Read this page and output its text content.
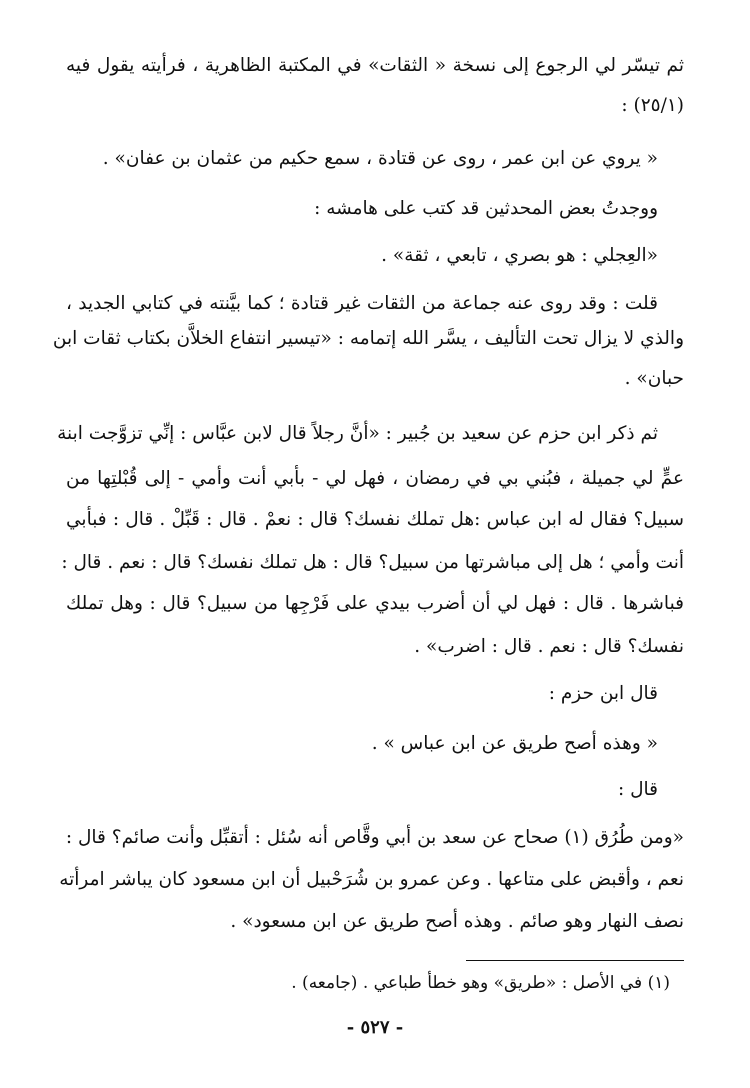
ثم تيسّر لي الرجوع إلى نسخة « الثقات» في المكتبة الظاهرية ، فرأيته يقول فيه
(٢٥/١) :
« يروي عن ابن عمر ، روى عن قتادة ، سمع حكيم من عثمان بن عفان» .
ووجدتُ بعض المحدثين قد كتب على هامشه :
«العِجلي : هو بصري ، تابعي ، ثقة» .
قلت : وقد روى عنه جماعة من الثقات غير قتادة ؛ كما بيَّنته في كتابي الجديد ،
والذي لا يزال تحت التأليف ، يسَّر الله إتمامه : «تيسير انتفاع الخلاَّن بكتاب ثقات ابن
حبان» .
ثم ذكر ابن حزم عن سعيد بن جُبير : «أنَّ رجلاً قال لابن عبَّاس : إنِّي تزوَّجت ابنة
عمٍّ لي جميلة ، فبُني بي في رمضان ، فهل لي - بأبي أنت وأمي - إلى قُبْلتِها من
سبيل؟ فقال له ابن عباس :هل تملك نفسك؟ قال : نعمْ . قال : قَبِّلْ . قال : فبأبي
أنت وأمي ؛ هل إلى مباشرتها من سبيل؟ قال : هل تملك نفسك؟ قال : نعم . قال :
فباشرها . قال : فهل لي أن أضرب بيدي على فَرْجِها من سبيل؟ قال : وهل تملك
نفسك؟ قال : نعم . قال : اضرب» .
قال ابن حزم :
« وهذه أصح طريق عن ابن عباس » .
قال :
«ومن طُرُق (١) صحاح عن سعد بن أبي وقَّاص أنه سُئل : أتقبِّل وأنت صائم؟ قال :
نعم ، وأقبض على متاعها . وعن عمرو بن شُرَحْبيل أن ابن مسعود كان يباشر امرأته
نصف النهار وهو صائم . وهذه أصح طريق عن ابن مسعود» .
(١) في الأصل : «طريق» وهو خطأ طباعي . (جامعه) .
- ٥٢٧ -
